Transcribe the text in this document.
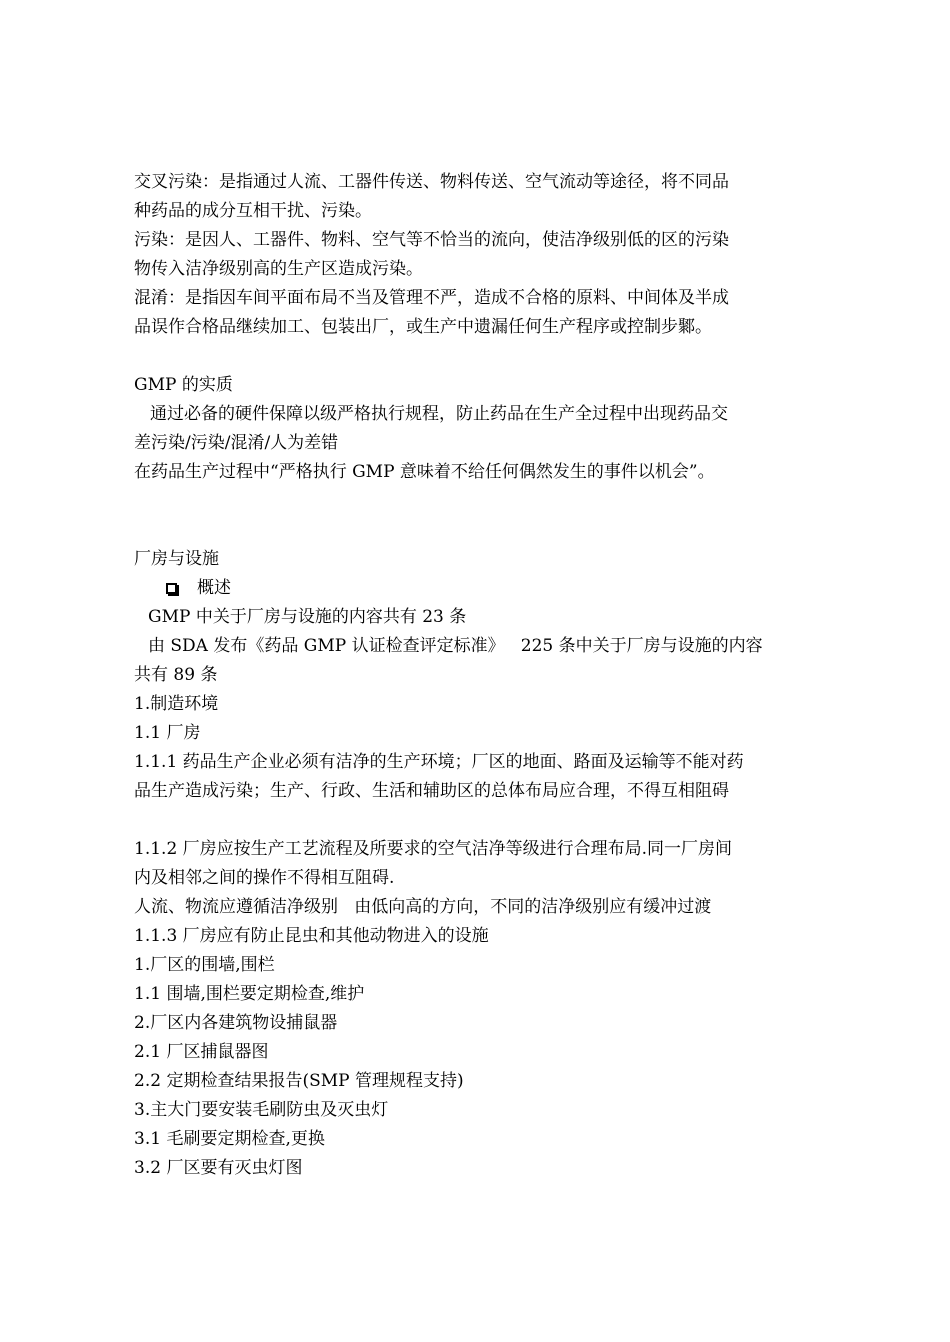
交叉污染：是指通过人流、工器件传送、物料传送、空气流动等途径，将不同品
种药品的成分互相干扰、污染。
污染：是因人、工器件、物料、空气等不恰当的流向，使洁净级别低的区的污染
物传入洁净级别高的生产区造成污染。
混淆：是指因车间平面布局不当及管理不严，造成不合格的原料、中间体及半成
品误作合格品继续加工、包装出厂，或生产中遗漏任何生产程序或控制步鄹。
GMP 的实质
通过必备的硬件保障以级严格执行规程，防止药品在生产全过程中出现药品交
差污染/污染/混淆/人为差错
在药品生产过程中“严格执行 GMP 意味着不给任何偶然发生的事件以机会”。
厂房与设施
概述
GMP 中关于厂房与设施的内容共有 23 条
由 SDA 发布《药品 GMP 认证检查评定标准》   225 条中关于厂房与设施的内容
共有 89 条
1.制造环境
1.1 厂房
1.1.1 药品生产企业必须有洁净的生产环境；厂区的地面、路面及运输等不能对药
品生产造成污染；生产、行政、生活和辅助区的总体布局应合理，不得互相阻碍
1.1.2 厂房应按生产工艺流程及所要求的空气洁净等级进行合理布局.同一厂房间
内及相邻之间的操作不得相互阻碍.
人流、物流应遵循洁净级别   由低向高的方向，不同的洁净级别应有缓冲过渡
1.1.3 厂房应有防止昆虫和其他动物进入的设施
1.厂区的围墙,围栏
1.1 围墙,围栏要定期检查,维护
2.厂区内各建筑物设捕鼠器
2.1 厂区捕鼠器图
2.2 定期检查结果报告(SMP 管理规程支持)
3.主大门要安装毛刷防虫及灭虫灯
3.1 毛刷要定期检查,更换
3.2 厂区要有灭虫灯图
